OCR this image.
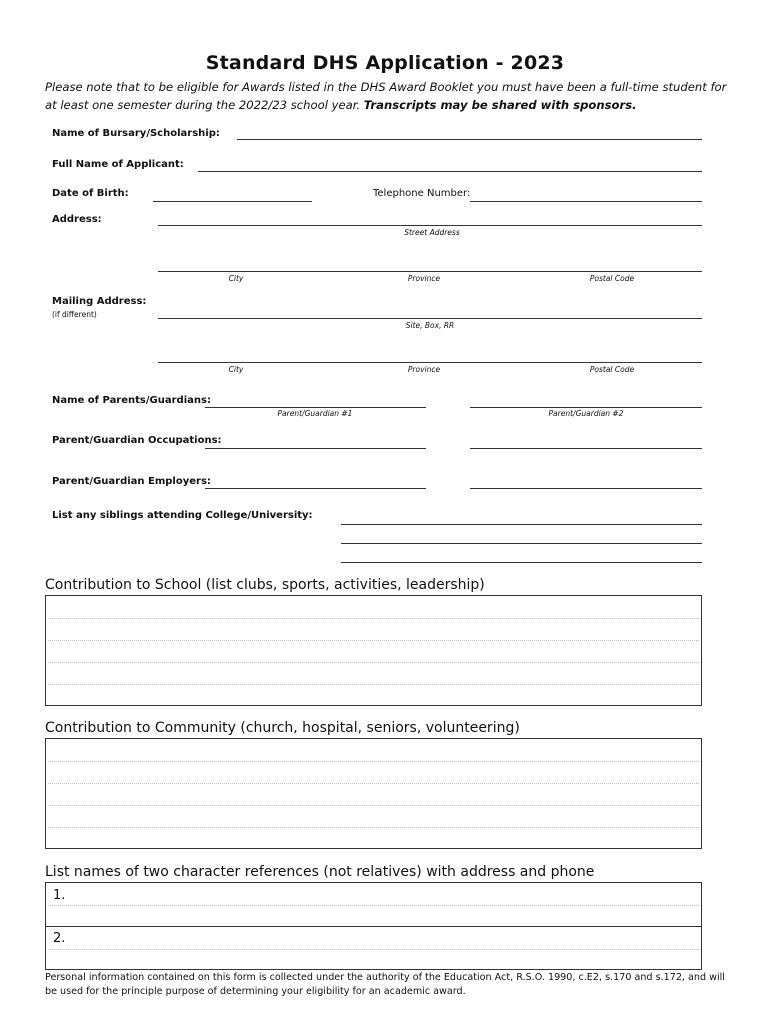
Standard DHS Application - 2023
Please note that to be eligible for Awards listed in the DHS Award Booklet you must have been a full-time student for at least one semester during the 2022/23 school year. Transcripts may be shared with sponsors.
Name of Bursary/Scholarship:
Full Name of Applicant:
Date of Birth:	Telephone Number:
Address:
Street Address
City	Province	Postal Code
Mailing Address:
(if different)
Site, Box, RR
City	Province	Postal Code
Name of Parents/Guardians:
Parent/Guardian #1	Parent/Guardian #2
Parent/Guardian Occupations:
Parent/Guardian Employers:
List any siblings attending College/University:
Contribution to School (list clubs, sports, activities, leadership)
Contribution to Community (church, hospital, seniors, volunteering)
List names of two character references (not relatives) with address and phone
1.
2.
Personal information contained on this form is collected under the authority of the Education Act, R.S.O. 1990, c.E2, s.170 and s.172, and will be used for the principle purpose of determining your eligibility for an academic award.
